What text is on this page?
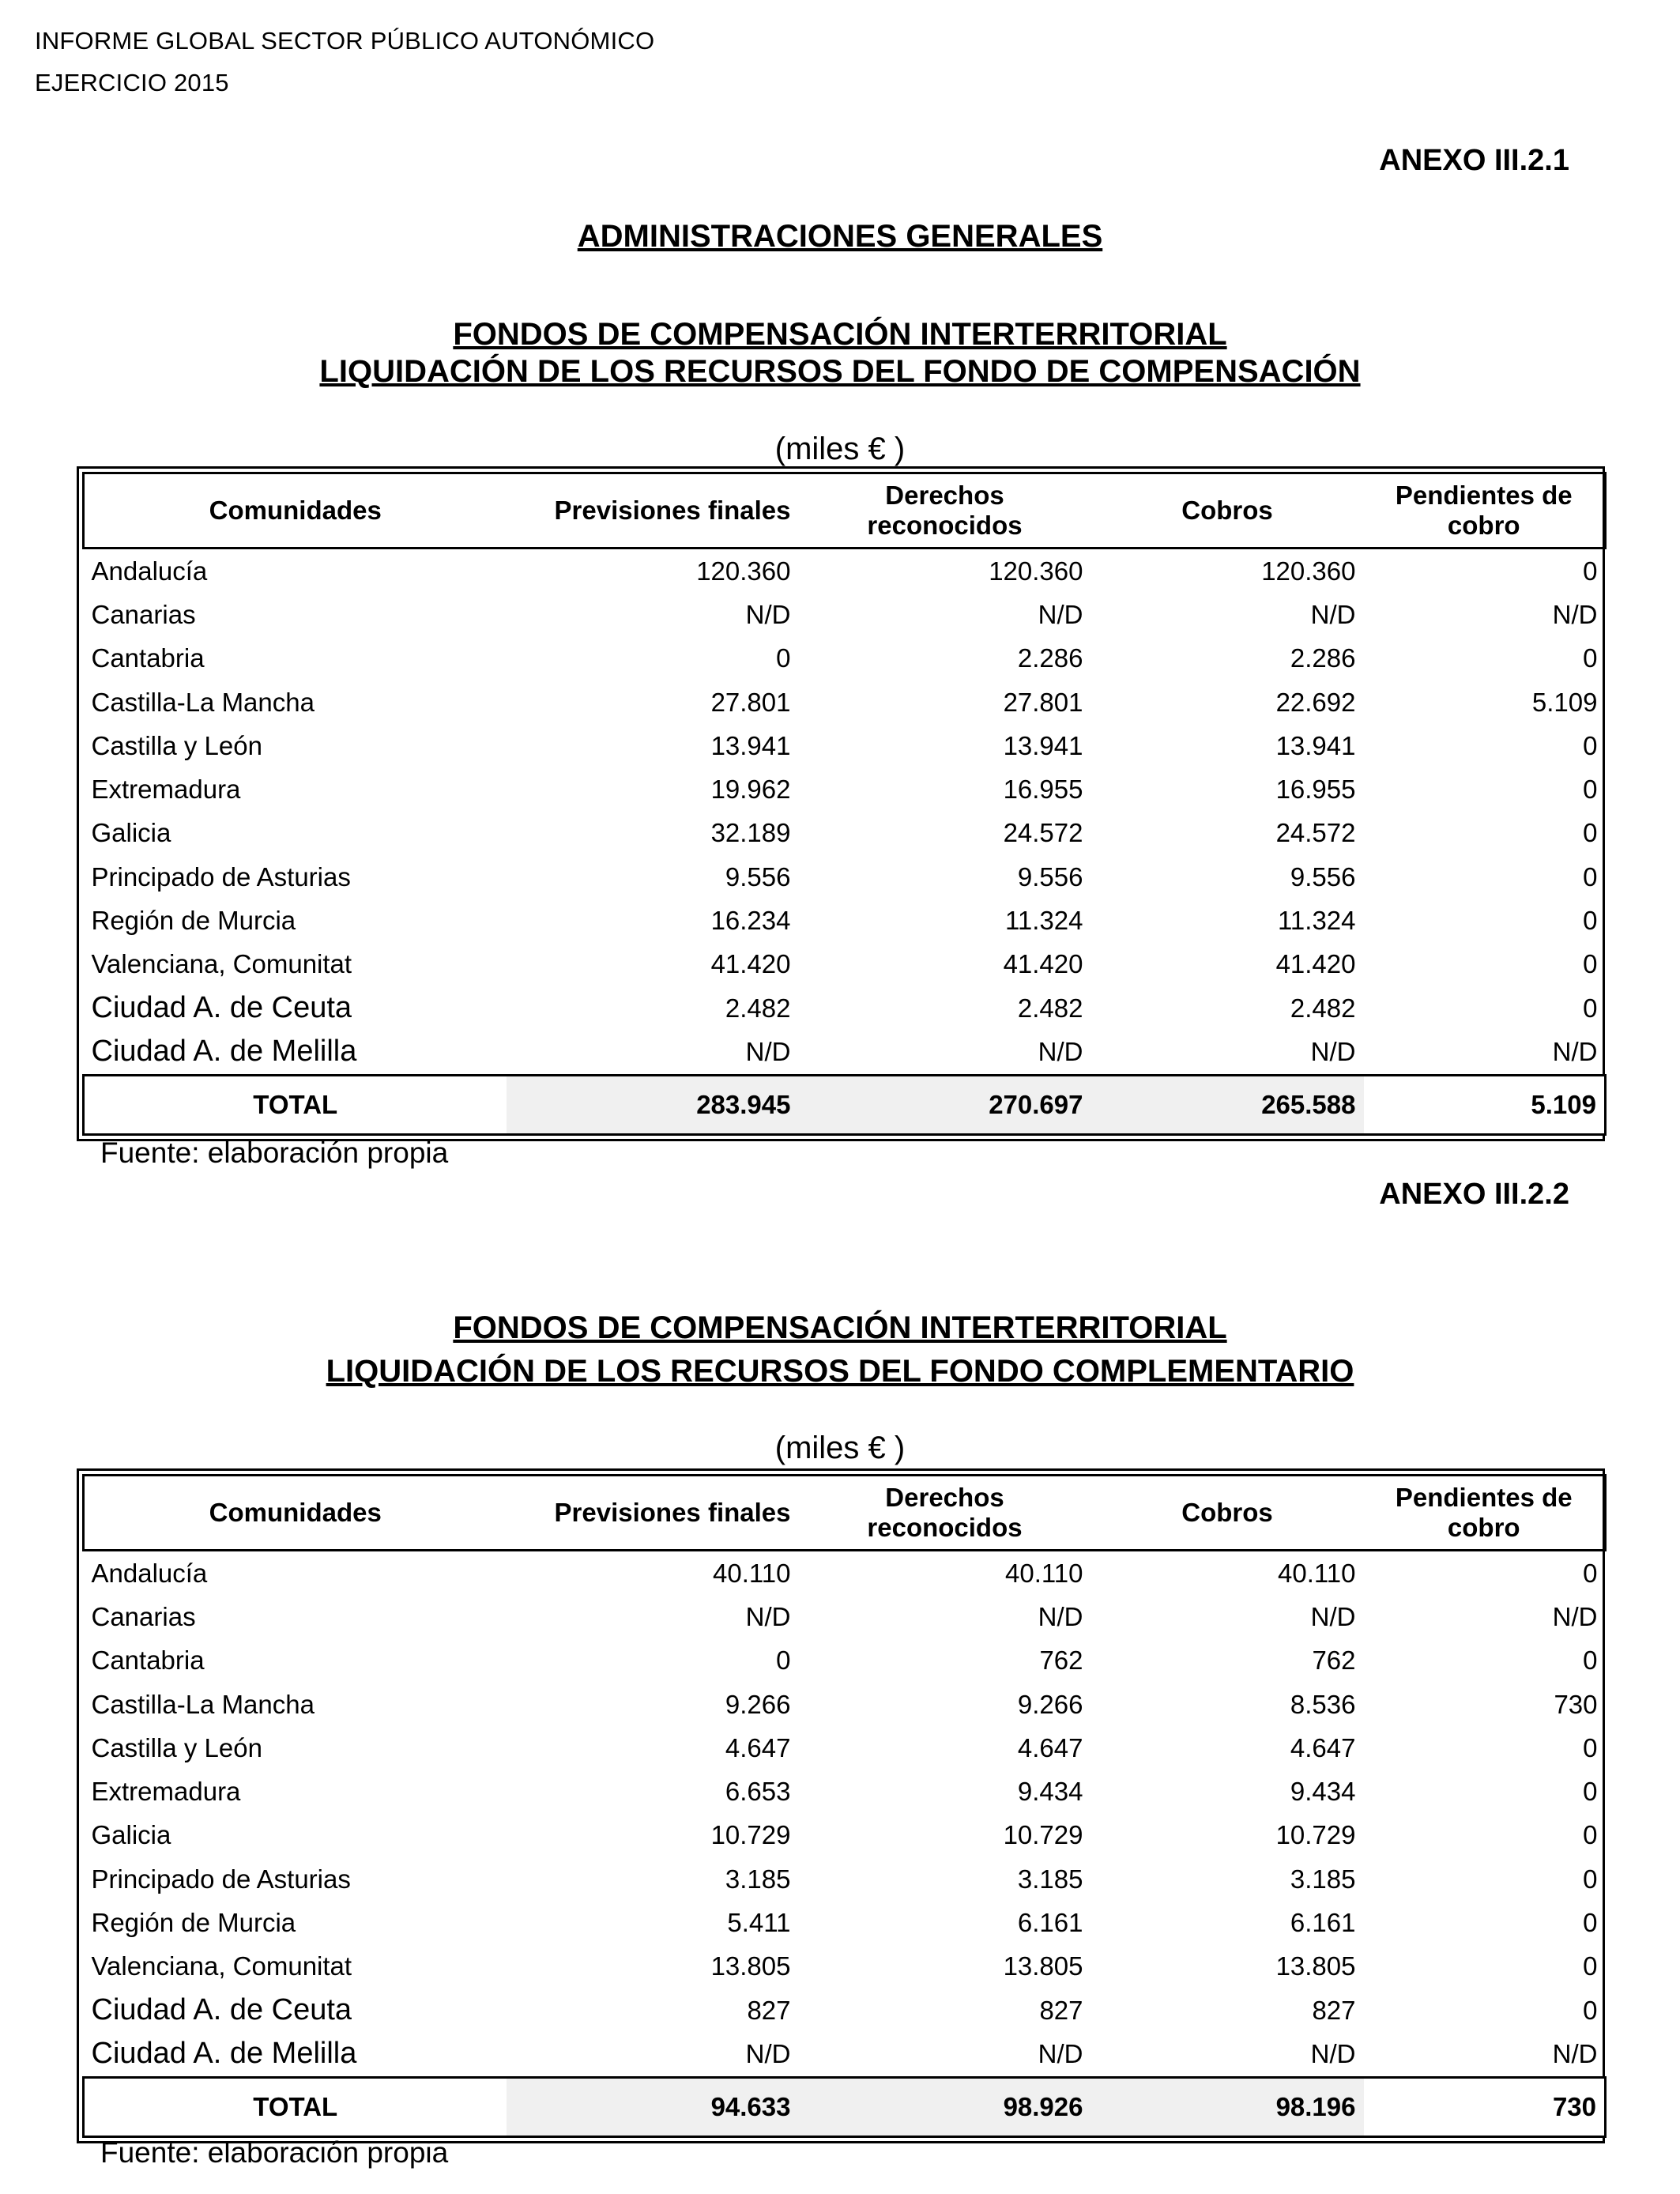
INFORME GLOBAL SECTOR PÚBLICO AUTONÓMICO
EJERCICIO 2015
ANEXO III.2.1
ADMINISTRACIONES GENERALES
FONDOS DE COMPENSACIÓN INTERTERRITORIAL
LIQUIDACIÓN DE LOS RECURSOS DEL FONDO DE COMPENSACIÓN
(miles € )
Comunidades	Previsiones finales	Derechos reconocidos	Cobros	Pendientes de cobro
Andalucía	120.360	120.360	120.360	0
Canarias	N/D	N/D	N/D	N/D
Cantabria	0	2.286	2.286	0
Castilla-La Mancha	27.801	27.801	22.692	5.109
Castilla y León	13.941	13.941	13.941	0
Extremadura	19.962	16.955	16.955	0
Galicia	32.189	24.572	24.572	0
Principado de Asturias	9.556	9.556	9.556	0
Región de Murcia	16.234	11.324	11.324	0
Valenciana, Comunitat	41.420	41.420	41.420	0
Ciudad A. de Ceuta	2.482	2.482	2.482	0
Ciudad A. de Melilla	N/D	N/D	N/D	N/D
TOTAL	283.945	270.697	265.588	5.109
Fuente: elaboración propia
ANEXO III.2.2
FONDOS DE COMPENSACIÓN INTERTERRITORIAL
LIQUIDACIÓN DE LOS RECURSOS DEL FONDO COMPLEMENTARIO
(miles € )
Comunidades	Previsiones finales	Derechos reconocidos	Cobros	Pendientes de cobro
Andalucía	40.110	40.110	40.110	0
Canarias	N/D	N/D	N/D	N/D
Cantabria	0	762	762	0
Castilla-La Mancha	9.266	9.266	8.536	730
Castilla y León	4.647	4.647	4.647	0
Extremadura	6.653	9.434	9.434	0
Galicia	10.729	10.729	10.729	0
Principado de Asturias	3.185	3.185	3.185	0
Región de Murcia	5.411	6.161	6.161	0
Valenciana, Comunitat	13.805	13.805	13.805	0
Ciudad A. de Ceuta	827	827	827	0
Ciudad A. de Melilla	N/D	N/D	N/D	N/D
TOTAL	94.633	98.926	98.196	730
Fuente: elaboración propia
